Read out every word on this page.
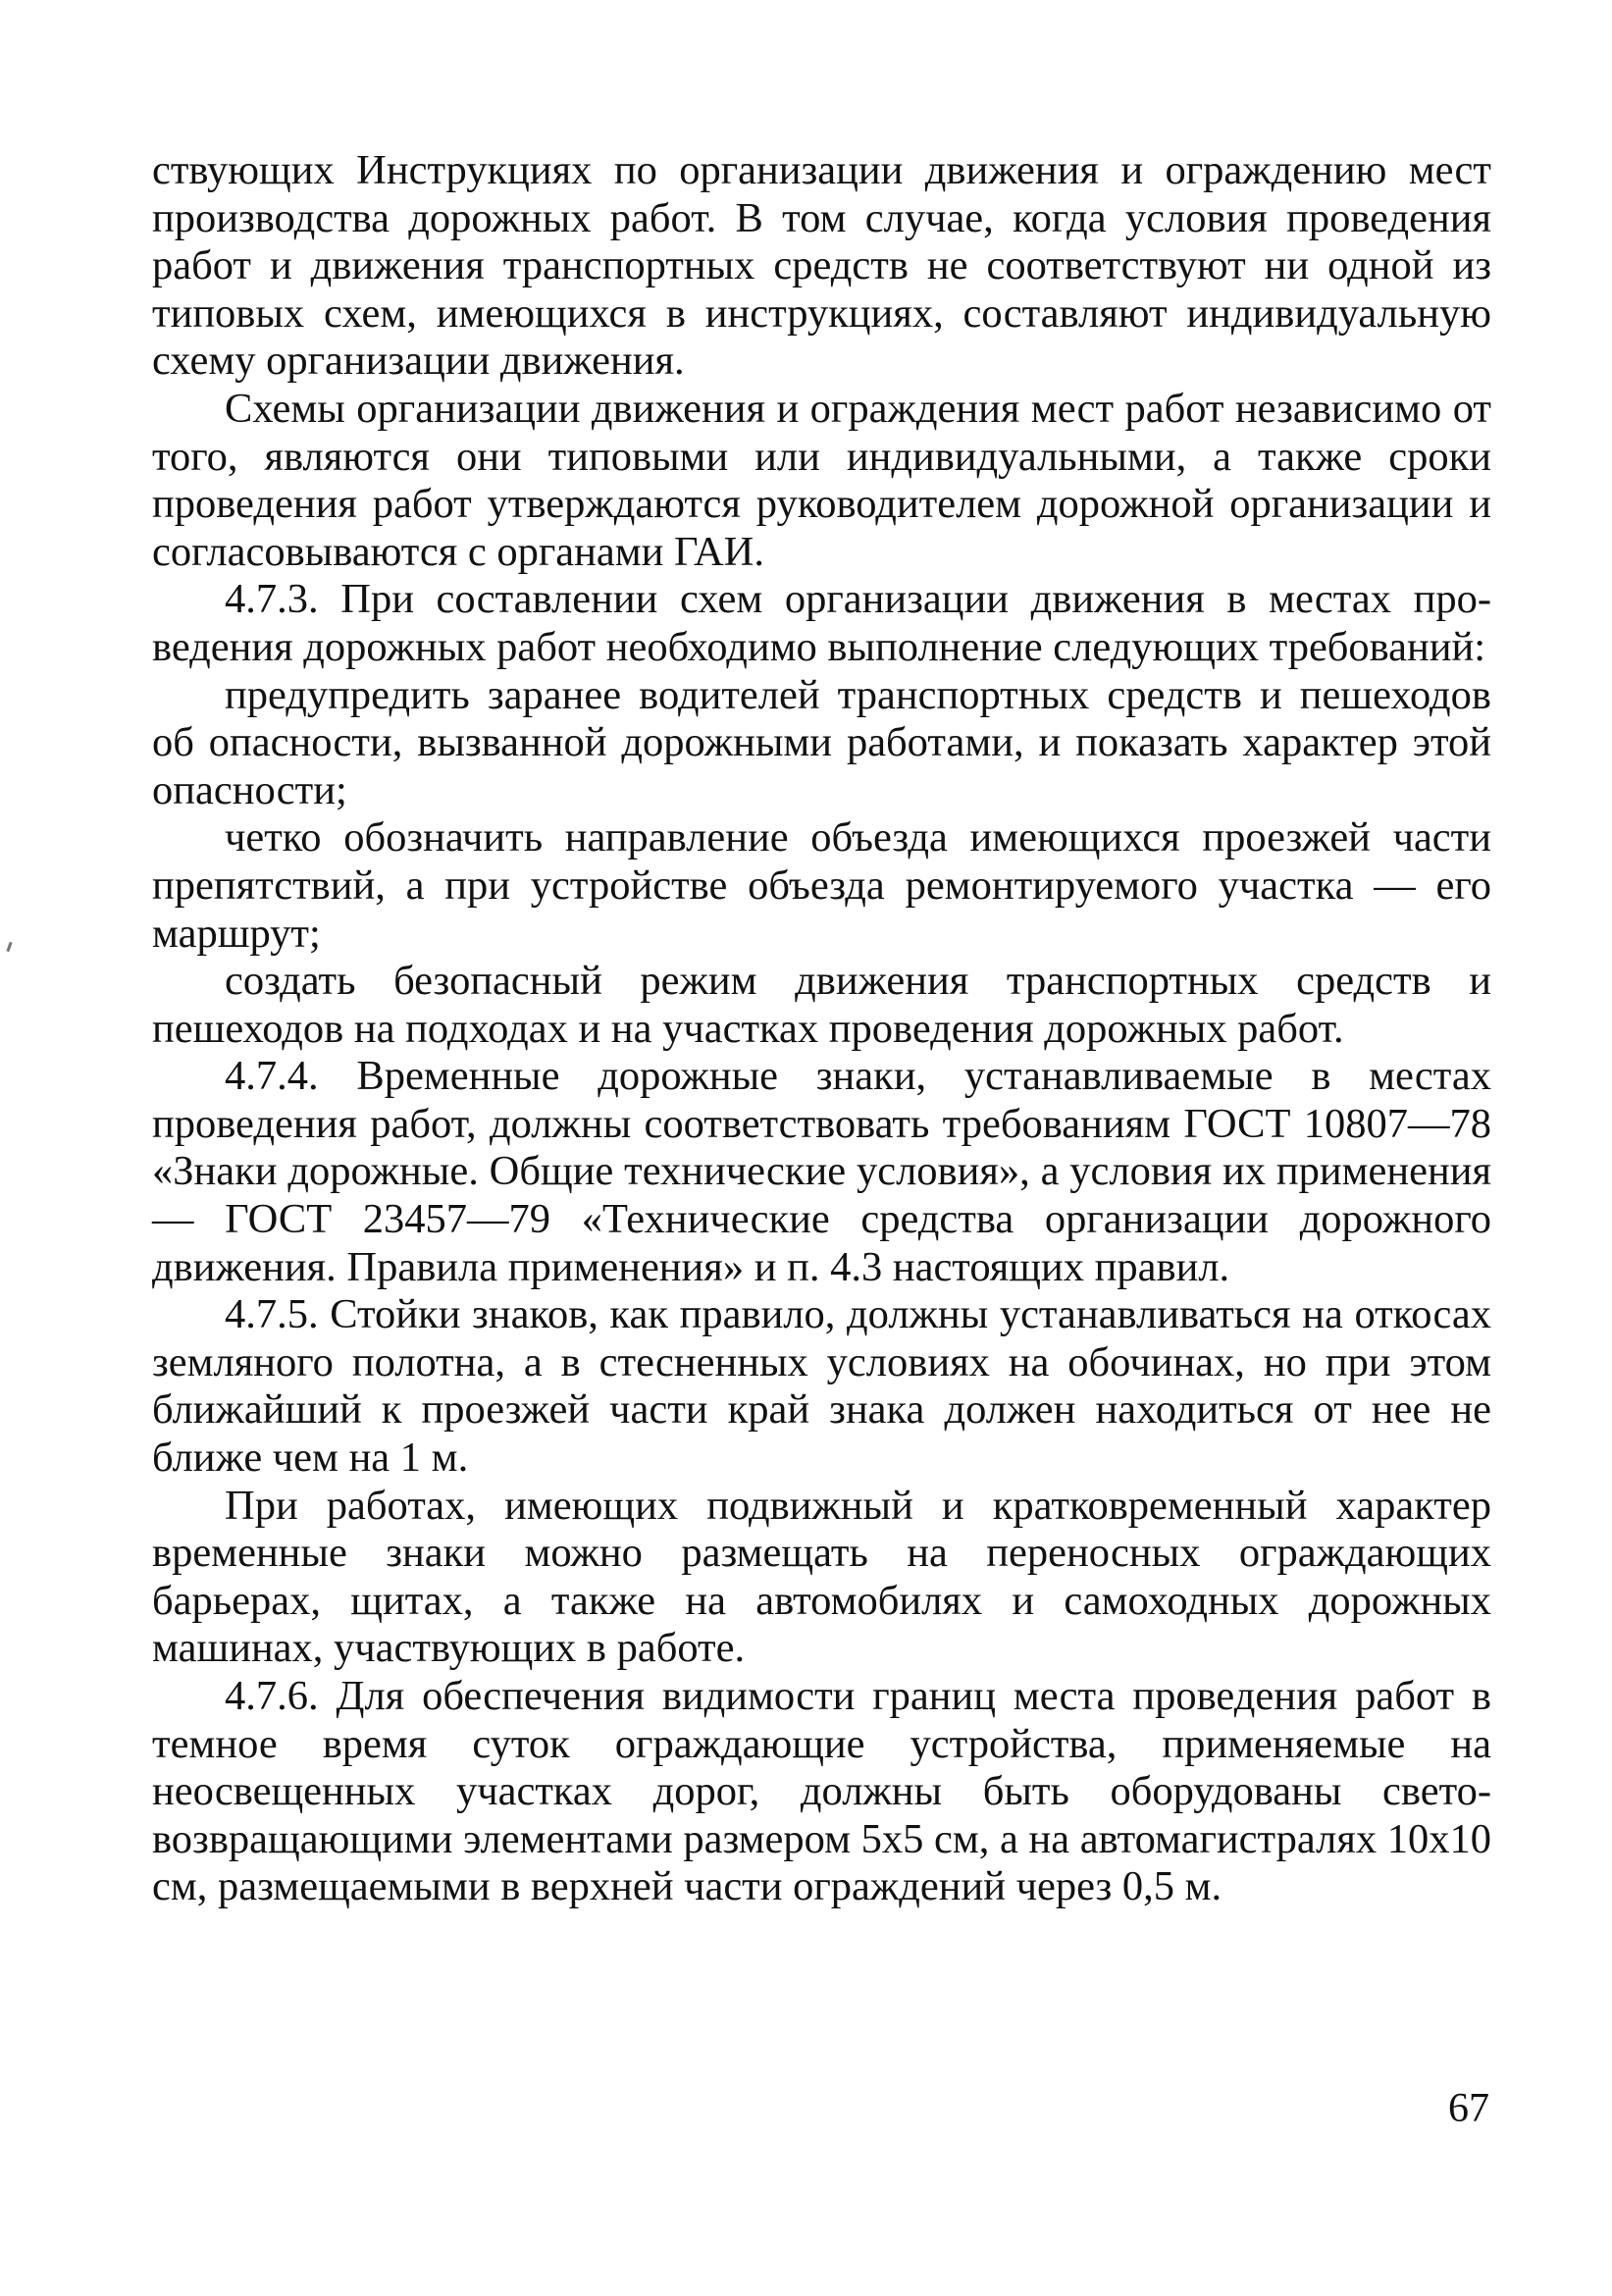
ствующих Инструкциях по организации движения и ограждению мест производства дорожных работ. В том случае, когда условия проведения работ и движения транспортных средств не соответствуют ни одной из типовых схем, имеющихся в инструкциях, составляют индивидуальную схему организации движения.

Схемы организации движения и ограждения мест работ независимо от того, являются они типовыми или индивидуальными, а также сроки проведения работ утверждаются руководителем дорожной организации и согласовываются с органами ГАИ.

4.7.3. При составлении схем организации движения в местах проведения дорожных работ необходимо выполнение следующих требований:

предупредить заранее водителей транспортных средств и пешеходов об опасности, вызванной дорожными работами, и показать характер этой опасности;

четко обозначить направление объезда имеющихся проезжей части препятствий, а при устройстве объезда ремонтируемого участка — его маршрут;

создать безопасный режим движения транспортных средств и пешеходов на подходах и на участках проведения дорожных работ.

4.7.4. Временные дорожные знаки, устанавливаемые в местах проведения работ, должны соответствовать требованиям ГОСТ 10807—78 «Знаки дорожные. Общие технические условия», а условия их применения — ГОСТ 23457—79 «Технические средства организации дорожного движения. Правила применения» и п. 4.3 настоящих правил.

4.7.5. Стойки знаков, как правило, должны устанавливаться на откосах земляного полотна, а в стесненных условиях на обочинах, но при этом ближайший к проезжей части край знака должен находиться от нее не ближе чем на 1 м.

При работах, имеющих подвижный и кратковременный характер временные знаки можно размещать на переносных ограждающих барьерах, щитах, а также на автомобилях и самоходных дорожных машинах, участвующих в работе.

4.7.6. Для обеспечения видимости границ места проведения работ в темное время суток ограждающие устройства, применяемые на неосвещенных участках дорог, должны быть оборудованы световозвращающими элементами размером 5x5 см, а на автомагистралях 10x10 см, размещаемыми в верхней части ограждений через 0,5 м.

67
